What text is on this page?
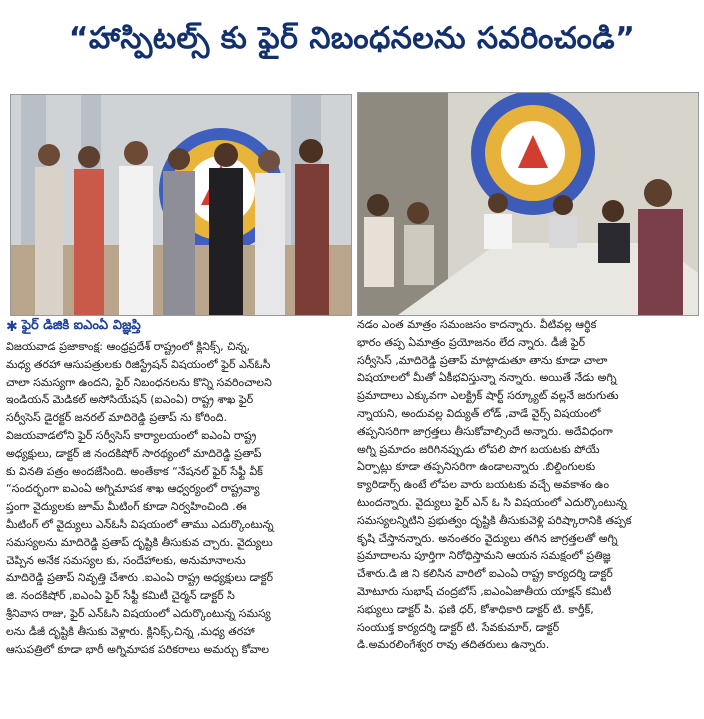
“హాస్పిటల్స్ కు ఫైర్ నిబంధనలను సవరించండి”
✱ ఫైర్ డిజికి ఐఎంఏ విజ్ఞప్తి
విజయవాడ ప్రజాకాంక్ష: ఆంధ్రప్రదేశ్ రాష్ట్రంలో క్లినిక్స్, చిన్న,
మధ్య తరహా ఆసుపత్రులకు రిజిస్ట్రేషన్ విషయంలో ఫైర్ ఎన్ఓసీ
చాలా సమస్యగా ఉందని, ఫైర్ నిబంధనలను కొన్ని సవరించాలని
ఇండియన్ మెడికల్ అసోసియేషన్ (ఐఎంఏ) రాష్ట్ర శాఖ ఫైర్
సర్వీసెస్ డైరక్టర్ జనరల్ మాదిరెడ్డి ప్రతాప్ ను కోరింది.
విజయవాడలోని ఫైర్ సర్వీసెస్ కార్యాలయంలో ఐఎంఏ రాష్ట్ర
అధ్యక్షులు, డాక్టర్ జి నందకిషోర్ సారథ్యంలో మాదిరెడ్డి ప్రతాప్
కు వినతి పత్రం అందజేసింది. అంతేకాక “నేషనల్ ఫైర్ సేఫ్టీ వీక్
“సందర్భంగా ఐఎంఏ అగ్నిమాపక శాఖ ఆధ్వర్యంలో రాష్ట్రవ్యా
ప్తంగా వైద్యులకు జూమ్ మీటింగ్ కూడా నిర్వహించింది .ఈ
మీటింగ్ లో వైద్యులు ఎన్ఓసీ విషయంలో తాము ఎదుర్కొంటున్న
సమస్యలను మాదిరెడ్డి ప్రతాప్ దృష్టికి తీసుకువ చ్చారు. వైద్యులు
చెప్పిన అనేక సమస్యల కు, సందేహాలకు, అనుమానాలను
మాదిరెడ్డి ప్రతాప్ నివృత్తి చేశారు .ఐఎంఏ రాష్ట్ర అధ్యక్షులు డాక్టర్
జి. నందకిషోర్ ,ఐఎంఏ ఫైర్ సేఫ్టీ కమిటీ చైర్మన్ డాక్టర్ సి
శ్రీనివాస రాజు, ఫైర్ ఎన్ఓసి విషయంలో ఎదుర్కొంటున్న సమస్య
లను డీజీ దృష్టికి తీసుకు వెళ్లారు. క్లినిక్స్,చిన్న ,మధ్య తరహా
ఆసుపత్రిలో కూడా భారీ అగ్నిమాపక పరికరాలు అమర్చు కోవాల
నడం ఎంత మాత్రం సమంజసం కాదన్నారు. వీటివల్ల ఆర్థిక
భారం తప్ప ఏమాత్రం ప్రయోజనం లేద న్నారు. డీజీ ఫైర్
సర్వీసెస్ ,మాదిరెడ్డి ప్రతాప్ మాట్లాడుతూ తాను కూడా చాలా
విషయాలలో మీతో ఏకీభవిస్తున్నా నన్నారు. అయితే నేడు అగ్ని
ప్రమాదాలు ఎక్కువగా ఎలక్ట్రిక్ షార్ట్ సర్క్యూట్ వల్లనే జరుగుతు
న్నాయని, అందువల్ల విద్యుత్ లోడ్ ,వాడే వైర్స్ విషయంలో
తప్పనిసరిగా జాగ్రత్తలు తీసుకోవాల్సిందే అన్నారు. అదేవిధంగా
అగ్ని ప్రమాదం జరిగినప్పుడు లోపలి పొగ బయటకు పోయే
ఏర్పాట్లు కూడా తప్పనిసరిగా ఉండాలన్నారు .బిల్డింగులకు
క్యారిడార్స్ ఉంటే లోపల వారు బయటకు వచ్చే అవకాశం ఉం
టుందన్నారు. వైద్యులు ఫైర్ ఎన్ ఓ సి విషయంలో ఎదుర్కొంటున్న
సమస్యలన్నిటిని ప్రభుత్వం దృష్టికి తీసుకువెళ్లి పరిష్కారానికి తప్పక
కృషి చేస్తానన్నారు. అనంతరం వైద్యులు తగిన జాగ్రత్తలతో అగ్ని
ప్రమాదాలను పూర్తిగా నిరోధిస్తామని ఆయన సమక్షంలో ప్రతిజ్ఞ
చేశారు.డి జి ని కలిసిన వారిలో ఐఎంఏ రాష్ట్ర కార్యదర్శి డాక్టర్
మోటూరు సుభాష్ చంద్రబోస్ ,ఐఎంఏజాతీయ యాక్షన్ కమిటీ
సభ్యులు డాక్టర్ పి. ఫణి ధర్, కోశాధికారి డాక్టర్ టి. కార్తీక్,
సంయుక్త కార్యదర్శి డాక్టర్ టి. సేవకుమార్, డాక్టర్
డి.అమరలింగేశ్వర రావు తదితరులు ఉన్నారు.
